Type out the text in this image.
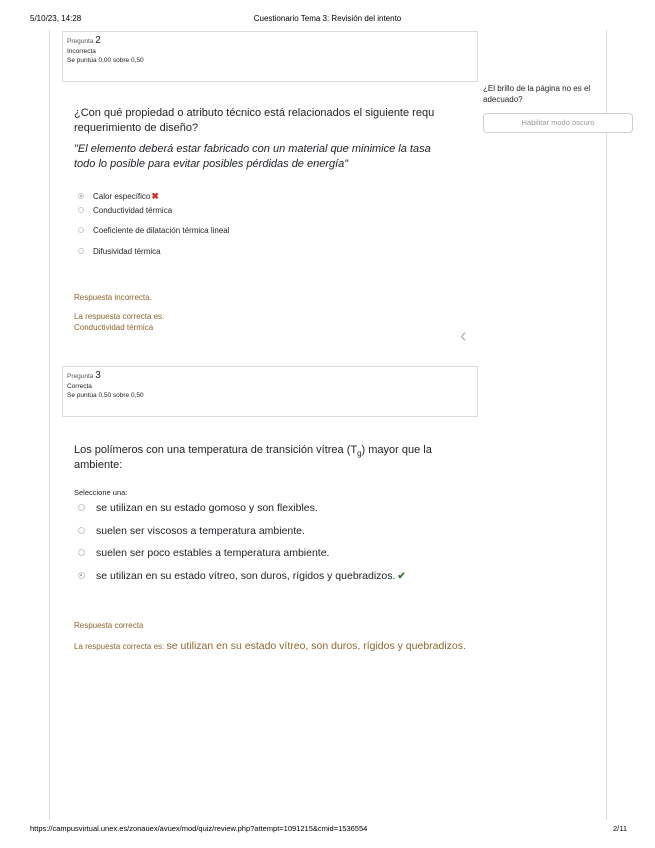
5/10/23, 14:28	Cuestionario Tema 3: Revisión del intento
Pregunta 2
Incorrecta
Se puntúa 0,00 sobre 0,50
¿El brillo de la página no es el
adecuado?
Habilitar modo oscuro
¿Con qué propiedad o atributo técnico está relacionados el siguiente requ
requerimiento de diseño?
"El elemento deberá estar fabricado con un material que minimice la tasa
todo lo posible para evitar posibles pérdidas de energía"
Calor específico✖
Conductividad térmica
Coeficiente de dilatación térmica lineal
Difusividad térmica
Respuesta incorrecta.
La respuesta correcta es:
Conductividad térmica	‹
Pregunta 3
Correcta
Se puntúa 0,50 sobre 0,50
Los polímeros con una temperatura de transición vítrea $(T_g)$ mayor que la
ambiente:
Seleccione una:
se utilizan en su estado gomoso y son flexibles.
suelen ser viscosos a temperatura ambiente.
suelen ser poco estables a temperatura ambiente.
se utilizan en su estado vítreo, son duros, rígidos y quebradizos. ✔
Respuesta correcta
La respuesta correcta es: se utilizan en su estado vítreo, son duros, rígidos y quebradizos.
https://campusvirtual.unex.es/zonauex/avuex/mod/quiz/review.php?attempt=1091215&cmid=1536554	2/11
